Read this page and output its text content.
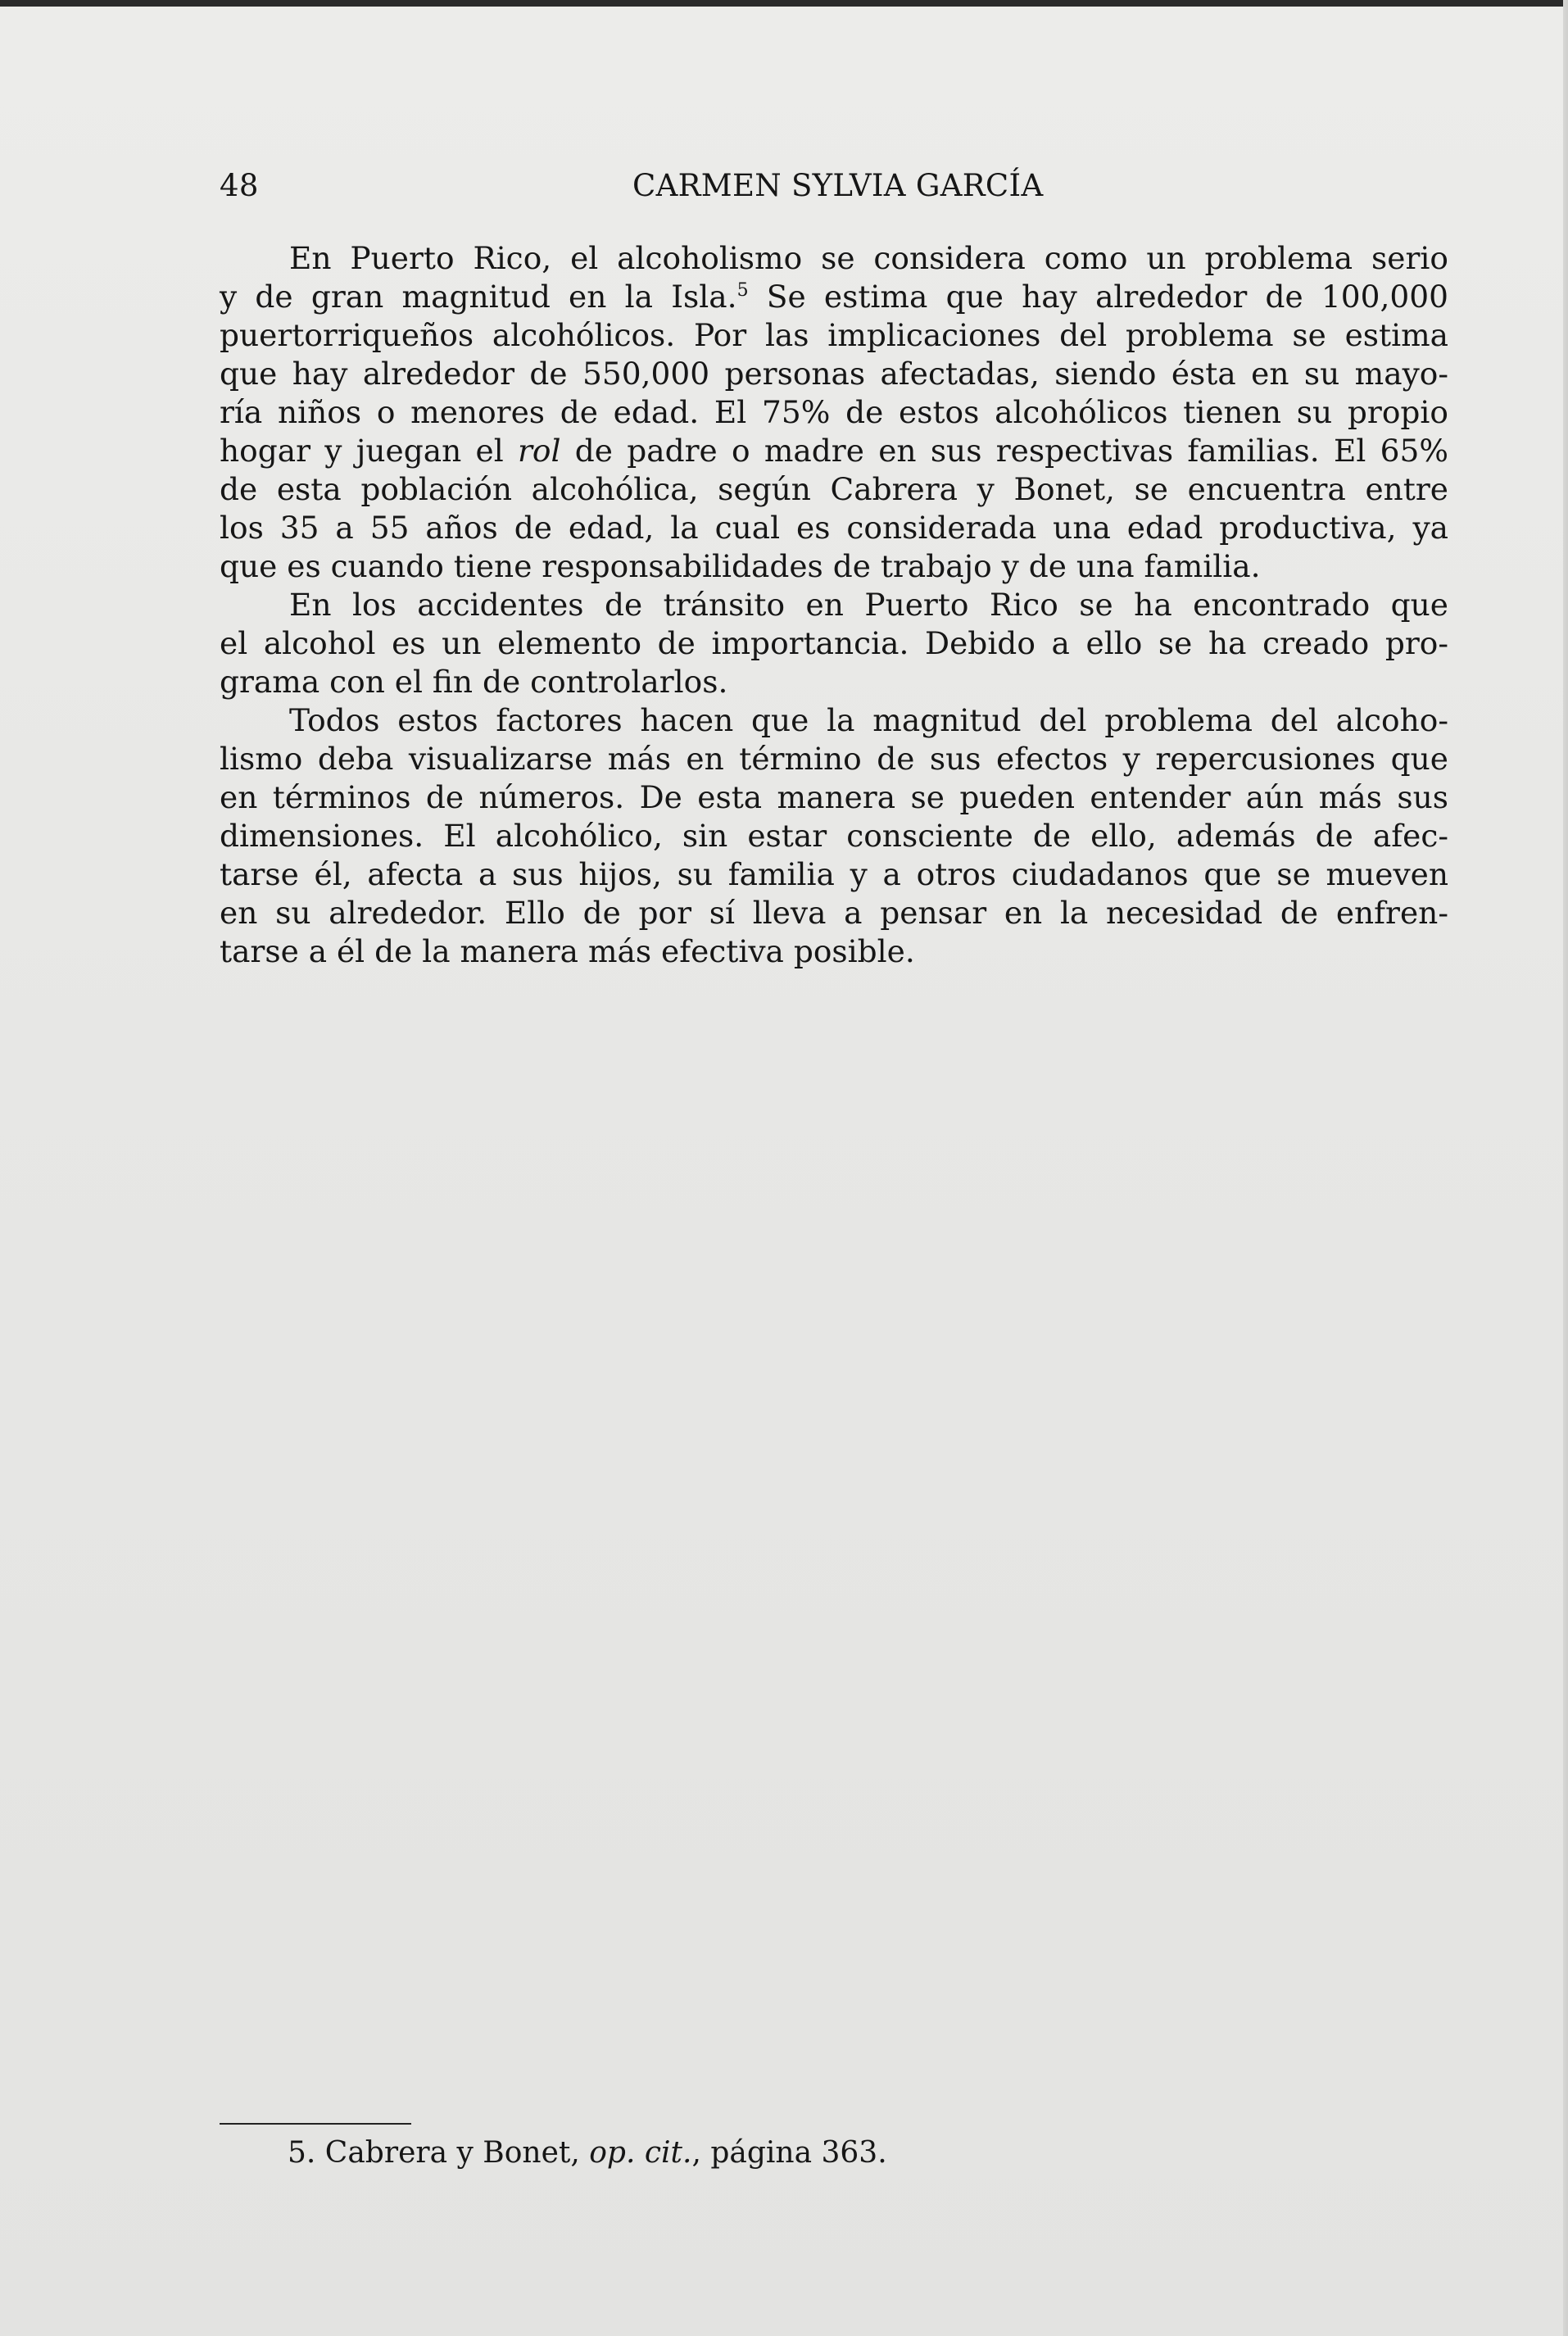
48	CARMEN SYLVIA GARCÍA
En Puerto Rico, el alcoholismo se considera como un problema serio
y de gran magnitud en la Isla.$^5$ Se estima que hay alrededor de 100,000
puertorriqueños alcohólicos. Por las implicaciones del problema se estima
que hay alrededor de 550,000 personas afectadas, siendo ésta en su mayo-
ría niños o menores de edad. El 75% de estos alcohólicos tienen su propio
hogar y juegan el rol de padre o madre en sus respectivas familias. El 65%
de esta población alcohólica, según Cabrera y Bonet, se encuentra entre
los 35 a 55 años de edad, la cual es considerada una edad productiva, ya
que es cuando tiene responsabilidades de trabajo y de una familia.
En los accidentes de tránsito en Puerto Rico se ha encontrado que
el alcohol es un elemento de importancia. Debido a ello se ha creado pro-
grama con el fin de controlarlos.
Todos estos factores hacen que la magnitud del problema del alcoho-
lismo deba visualizarse más en término de sus efectos y repercusiones que
en términos de números. De esta manera se pueden entender aún más sus
dimensiones. El alcohólico, sin estar consciente de ello, además de afec-
tarse él, afecta a sus hijos, su familia y a otros ciudadanos que se mueven
en su alrededor. Ello de por sí lleva a pensar en la necesidad de enfren-
tarse a él de la manera más efectiva posible.
5. Cabrera y Bonet, op. cit., página 363.
